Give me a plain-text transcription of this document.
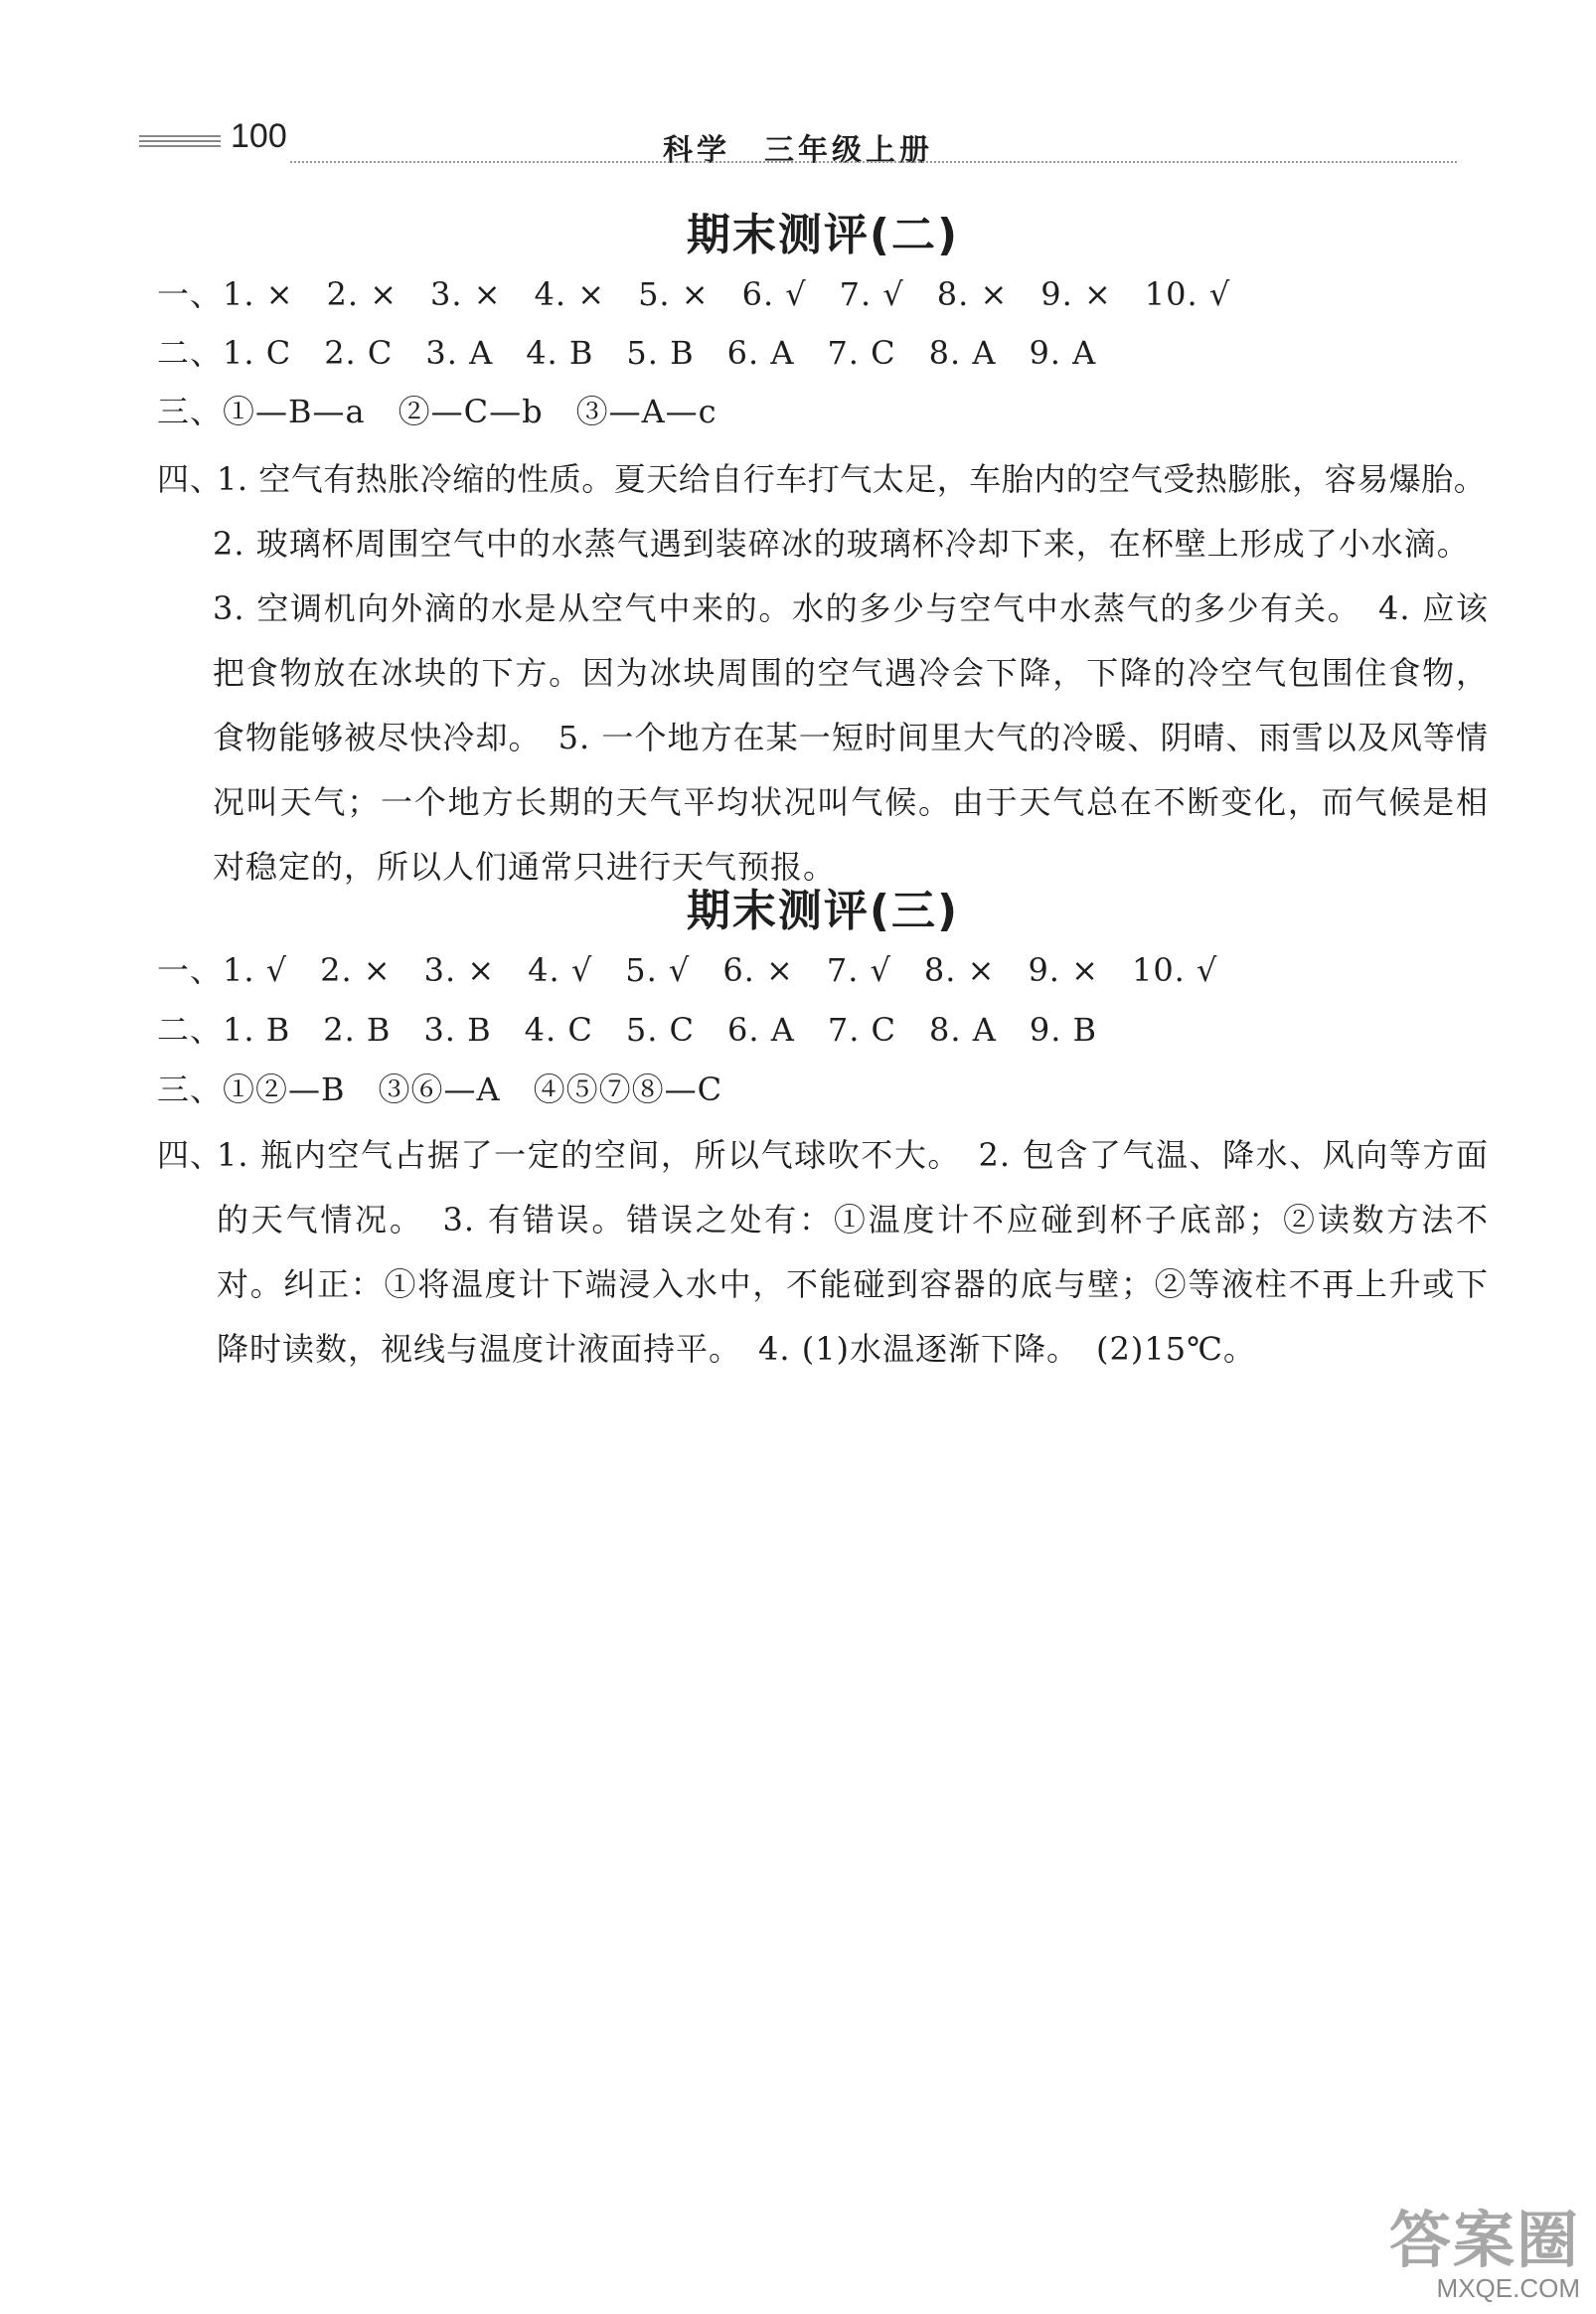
100	科学　三年级上册
期末测评(二)
一、1. ×　2. ×　3. ×　4. ×　5. ×　6. √　7. √　8. ×　9. ×　10. √
二、1. C　2. C　3. A　4. B　5. B　6. A　7. C　8. A　9. A
三、①—B—a　②—C—b　③—A—c
四、
1. 空气有热胀冷缩的性质。夏天给自行车打气太足，车胎内的空气受热膨胀，容易爆胎。
2. 玻璃杯周围空气中的水蒸气遇到装碎冰的玻璃杯冷却下来，在杯壁上形成了小水滴。
3. 空调机向外滴的水是从空气中来的。水的多少与空气中水蒸气的多少有关。　4. 应该把食物放在冰块的下方。因为冰块周围的空气遇冷会下降，下降的冷空气包围住食物，食物能够被尽快冷却。　5. 一个地方在某一短时间里大气的冷暖、阴晴、雨雪以及风等情况叫天气；一个地方长期的天气平均状况叫气候。由于天气总在不断变化，而气候是相对稳定的，所以人们通常只进行天气预报。
期末测评(三)
一、1. √　2. ×　3. ×　4. √　5. √　6. ×　7. √　8. ×　9. ×　10. √
二、1. B　2. B　3. B　4. C　5. C　6. A　7. C　8. A　9. B
三、①②—B　③⑥—A　④⑤⑦⑧—C
四、
1. 瓶内空气占据了一定的空间，所以气球吹不大。　2. 包含了气温、降水、风向等方面的天气情况。　3. 有错误。错误之处有：①温度计不应碰到杯子底部；②读数方法不对。纠正：①将温度计下端浸入水中，不能碰到容器的底与壁；②等液柱不再上升或下降时读数，视线与温度计液面持平。　4. (1)水温逐渐下降。　(2)15℃。
答案圈
MXQE.COM
